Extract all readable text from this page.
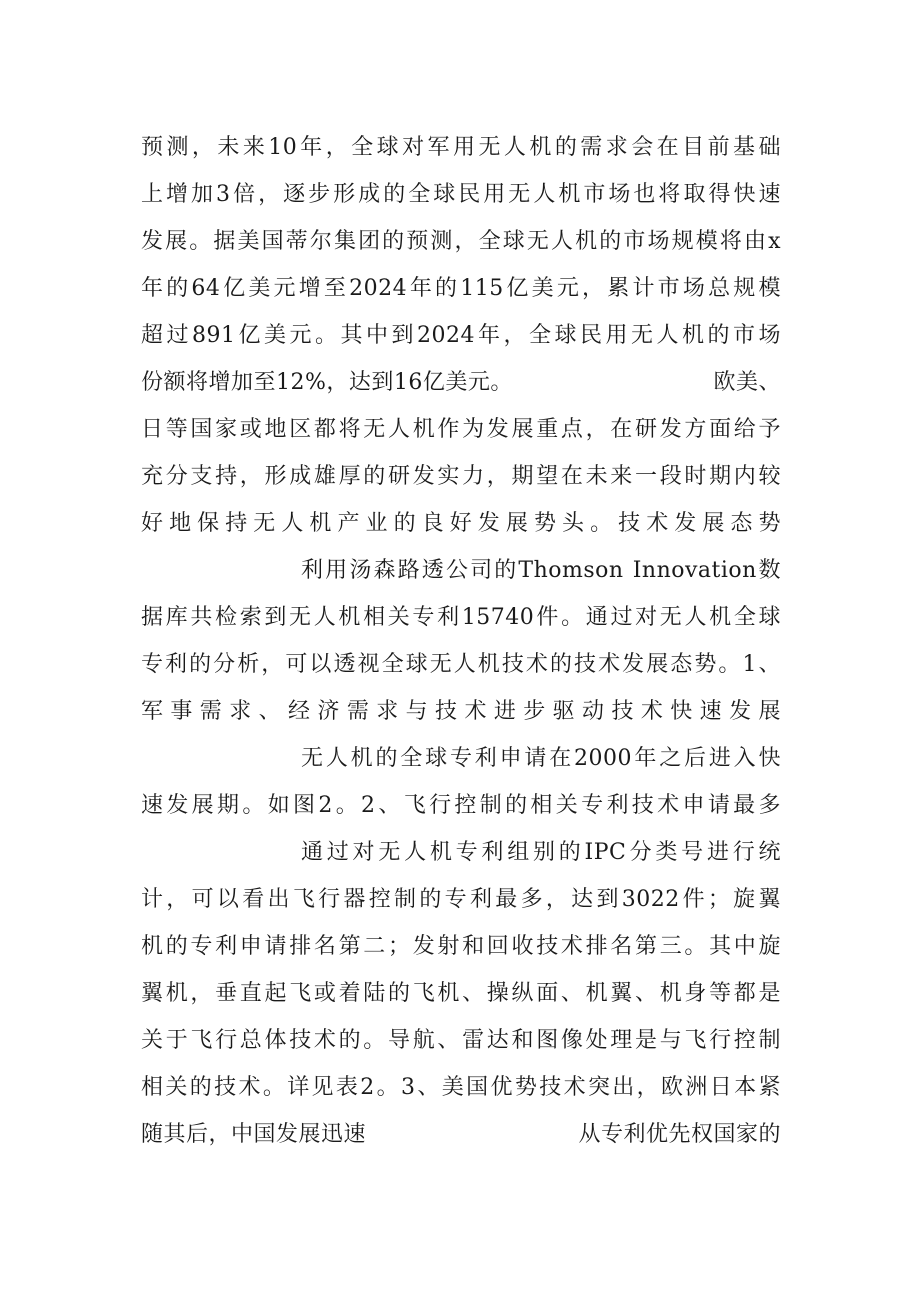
预测，未来10年，全球对军用无人机的需求会在目前基础
上增加3倍，逐步形成的全球民用无人机市场也将取得快速
发展。据美国蒂尔集团的预测，全球无人机的市场规模将由x
年的64亿美元增至2024年的115亿美元，累计市场总规模
超过891亿美元。其中到2024年，全球民用无人机的市场
份额将增加至12%，达到16亿美元。	欧美、
日等国家或地区都将无人机作为发展重点，在研发方面给予
充分支持，形成雄厚的研发实力，期望在未来一段时期内较
好地保持无人机产业的良好发展势头。技术发展态势
利用汤森路透公司的Thomson Innovation数
据库共检索到无人机相关专利15740件。通过对无人机全球
专利的分析，可以透视全球无人机技术的技术发展态势。1、
军事需求、经济需求与技术进步驱动技术快速发展
无人机的全球专利申请在2000年之后进入快
速发展期。如图2。2、飞行控制的相关专利技术申请最多
通过对无人机专利组别的IPC分类号进行统
计，可以看出飞行器控制的专利最多，达到3022件；旋翼
机的专利申请排名第二；发射和回收技术排名第三。其中旋
翼机，垂直起飞或着陆的飞机、操纵面、机翼、机身等都是
关于飞行总体技术的。导航、雷达和图像处理是与飞行控制
相关的技术。详见表2。3、美国优势技术突出，欧洲日本紧
随其后，中国发展迅速	从专利优先权国家的
